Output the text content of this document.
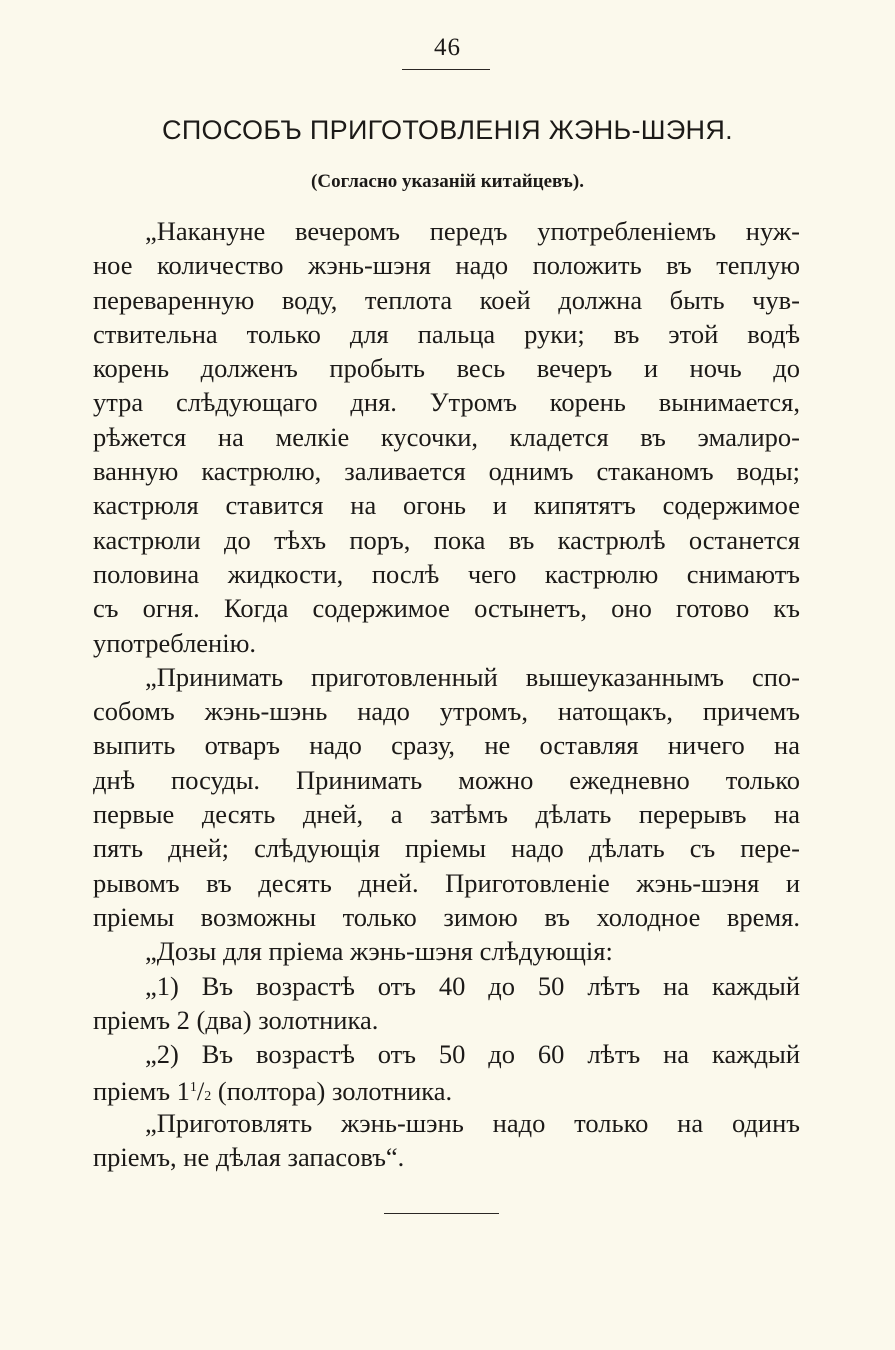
46
СПОСОБЪ ПРИГОТОВЛЕНІЯ ЖЭНЬ-ШЭНЯ.
(Согласно указаній китайцевъ).
„Накануне вечеромъ передъ употребленіемъ нуж-
ное количество жэнь-шэня надо положить въ теплую
переваренную воду, теплота коей должна быть чув-
ствительна только для пальца руки; въ этой водѣ
корень долженъ пробыть весь вечеръ и ночь до
утра слѣдующаго дня. Утромъ корень вынимается,
рѣжется на мелкіе кусочки, кладется въ эмалиро-
ванную кастрюлю, заливается однимъ стаканомъ воды;
кастрюля ставится на огонь и кипятятъ содержимое
кастрюли до тѣхъ поръ, пока въ кастрюлѣ останется
половина жидкости, послѣ чего кастрюлю снимаютъ
съ огня. Когда содержимое остынетъ, оно готово къ
употребленію.
„Принимать приготовленный вышеуказаннымъ спо-
собомъ жэнь-шэнь надо утромъ, натощакъ, причемъ
выпить отваръ надо сразу, не оставляя ничего на
днѣ посуды. Принимать можно ежедневно только
первые десять дней, а затѣмъ дѣлать перерывъ на
пять дней; слѣдующія пріемы надо дѣлать съ пере-
рывомъ въ десять дней. Приготовленіе жэнь-шэня и
пріемы возможны только зимою въ холодное время.
„Дозы для пріема жэнь-шэня слѣдующія:
„1) Въ возрастѣ отъ 40 до 50 лѣтъ на каждый
пріемъ 2 (два) золотника.
„2) Въ возрастѣ отъ 50 до 60 лѣтъ на каждый
пріемъ $1^1/2$ (полтора) золотника.
„Приготовлять жэнь-шэнь надо только на одинъ
пріемъ, не дѣлая запасовъ“.
